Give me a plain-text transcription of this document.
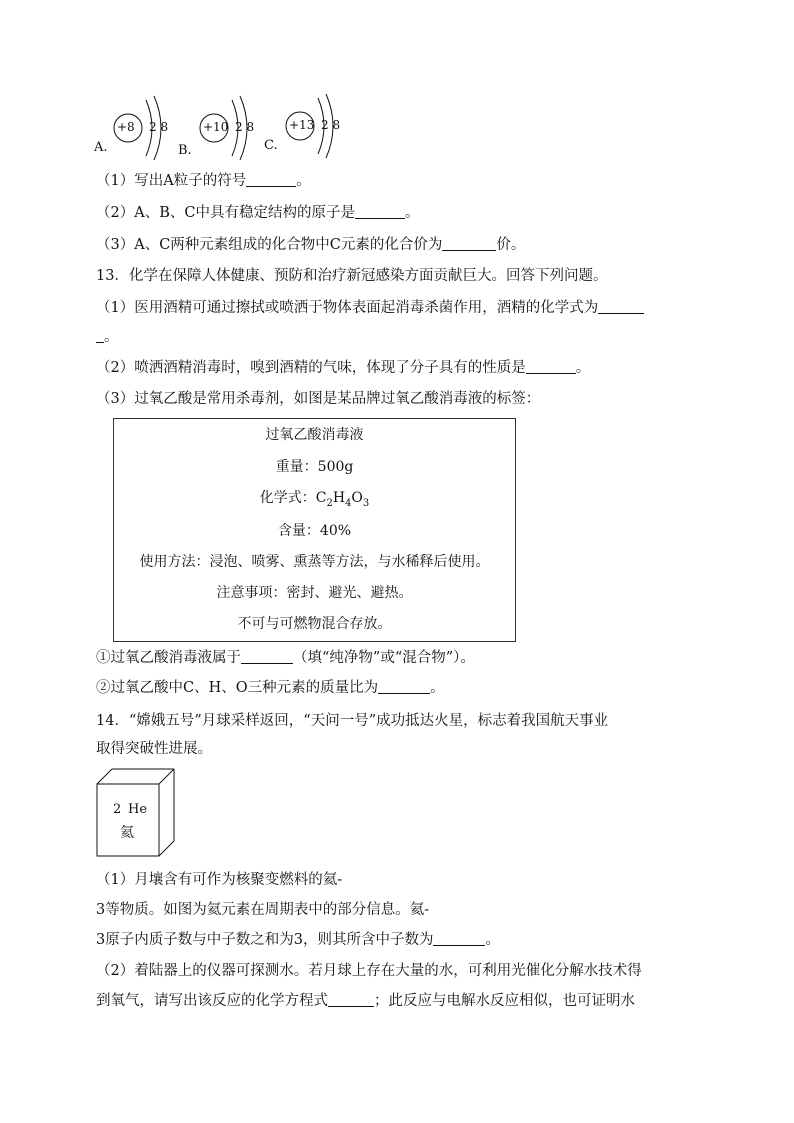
+8 2 8
A.
+10 2 8
B.
+13 2 8
C.
（1）写出A粒子的符号	。
（2）A、B、C中具有稳定结构的原子是	。
（3）A、C两种元素组成的化合物中C元素的化合价为	价。
13．化学在保障人体健康、预防和治疗新冠感染方面贡献巨大。回答下列问题。
（1）医用酒精可通过擦拭或喷洒于物体表面起消毒杀菌作用，酒精的化学式为
。
（2）喷洒酒精消毒时，嗅到酒精的气味，体现了分子具有的性质是	。
（3）过氧乙酸是常用杀毒剂，如图是某品牌过氧乙酸消毒液的标签：
过氧乙酸消毒液
重量：500g
化学式：$C_2H_4O_3$
含量：40%
使用方法：浸泡、喷雾、熏蒸等方法，与水稀释后使用。
注意事项：密封、避光、避热。
不可与可燃物混合存放。
①过氧乙酸消毒液属于	（填“纯净物”或“混合物”）。
②过氧乙酸中C、H、O三种元素的质量比为	。
14．“嫦娥五号”月球采样返回，“天问一号”成功抵达火星，标志着我国航天事业
取得突破性进展。
2 He
氦
（1）月壤含有可作为核聚变燃料的氦-
3等物质。如图为氦元素在周期表中的部分信息。氦-
3原子内质子数与中子数之和为3，则其所含中子数为	。
（2）着陆器上的仪器可探测水。若月球上存在大量的水，可利用光催化分解水技术得
到氧气，请写出该反应的化学方程式	；此反应与电解水反应相似，也可证明水
